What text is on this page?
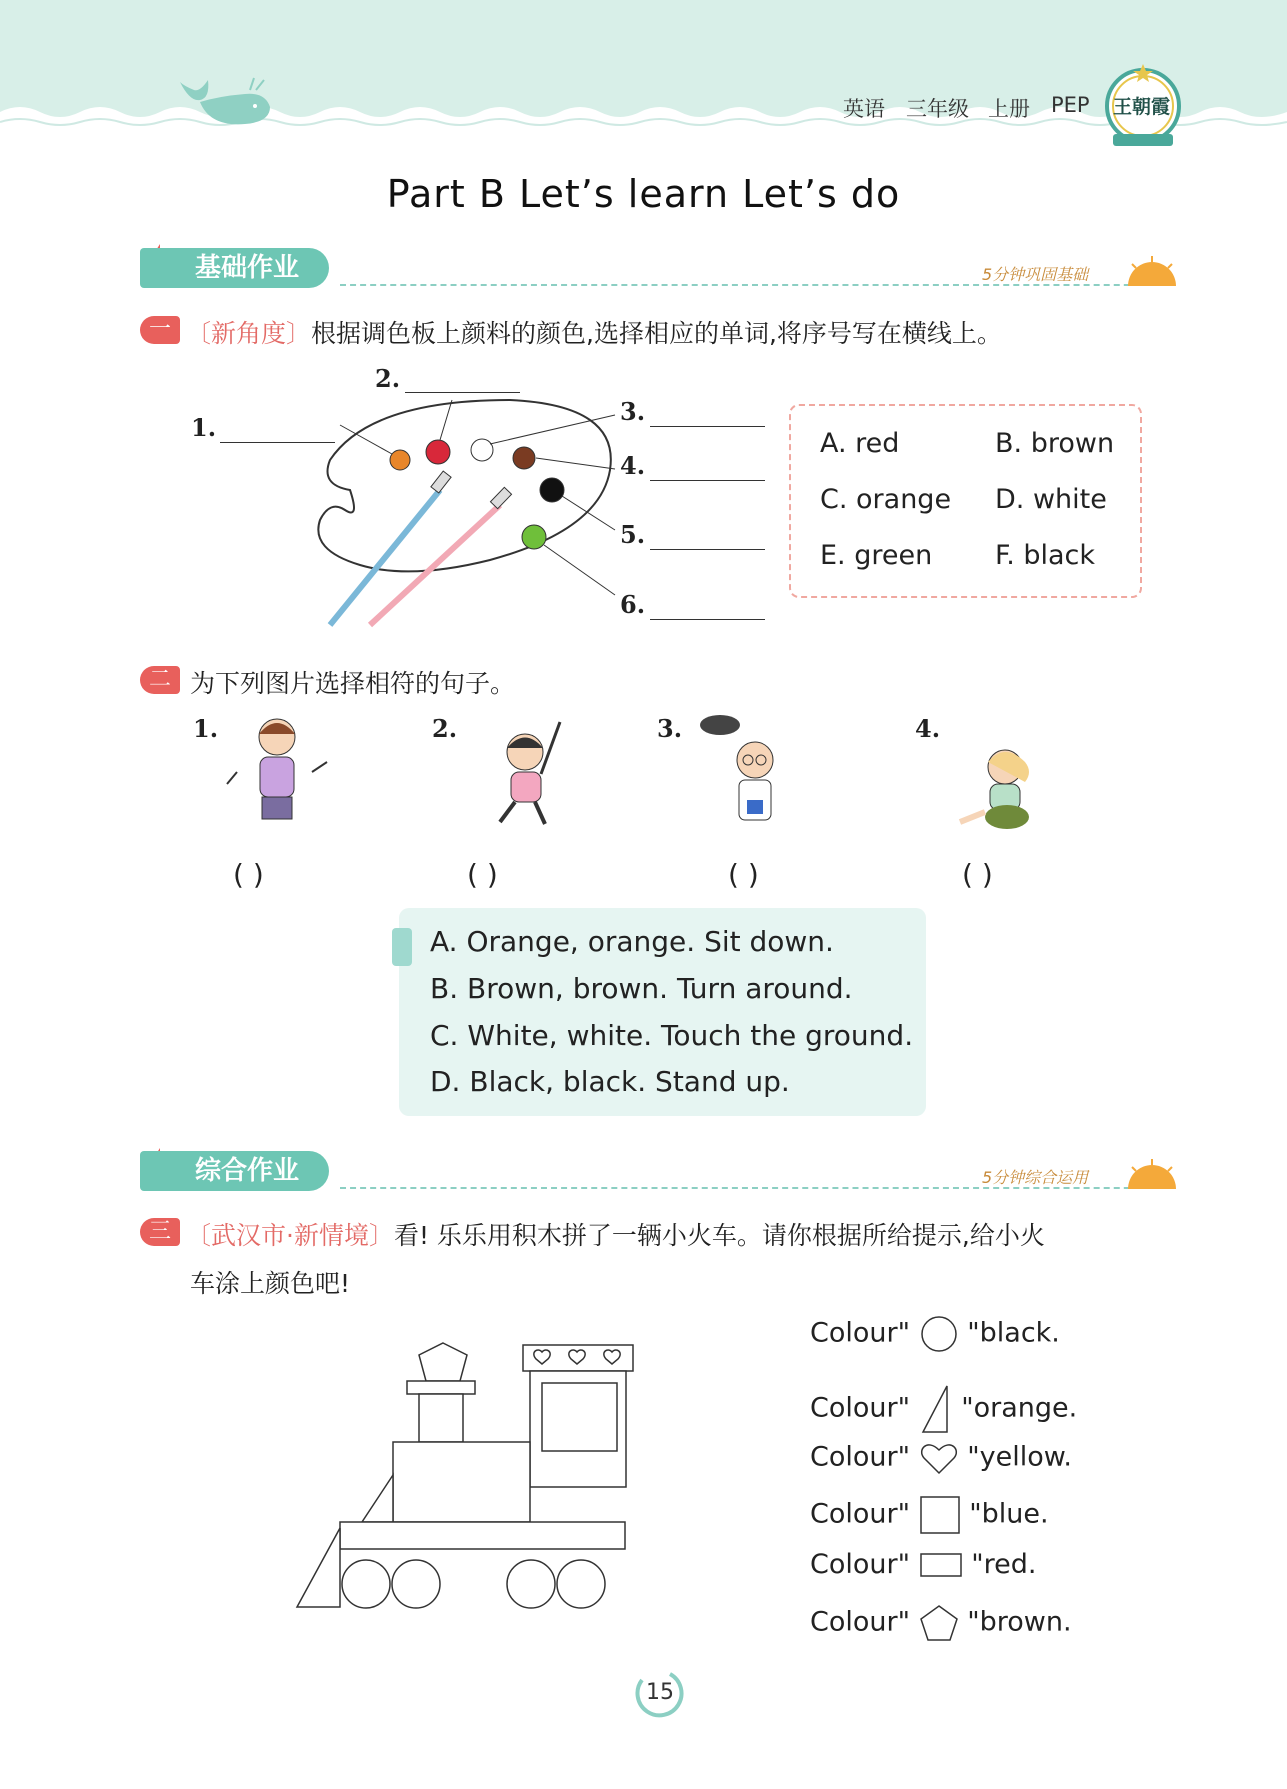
英语 三年级 上册 PEP 王朝霞
Part B Let’s learn Let’s do
基础作业	5分钟巩固基础
一 〔新角度〕根据调色板上颜料的颜色,选择相应的单词,将序号写在横线上。
1.
2.
3.
4.
5.
6.
A. red	B. brown
C. orange D. white
E. green F. black
二 为下列图片选择相符的句子。
1.
( )
2.
( )
3.
( )
4.
( )
A. Orange, orange. Sit down.
B. Brown, brown. Turn around.
C. White, white. Touch the ground.
D. Black, black. Stand up.
综合作业	5分钟综合运用
三 〔武汉市·新情境〕看! 乐乐用积木拼了一辆小火车。请你根据所给提示,给小火
车涂上颜色吧!
Colour" "black.
Colour" "orange.
Colour" "yellow.
Colour" "blue.
Colour" "red.
Colour" "brown.
15
